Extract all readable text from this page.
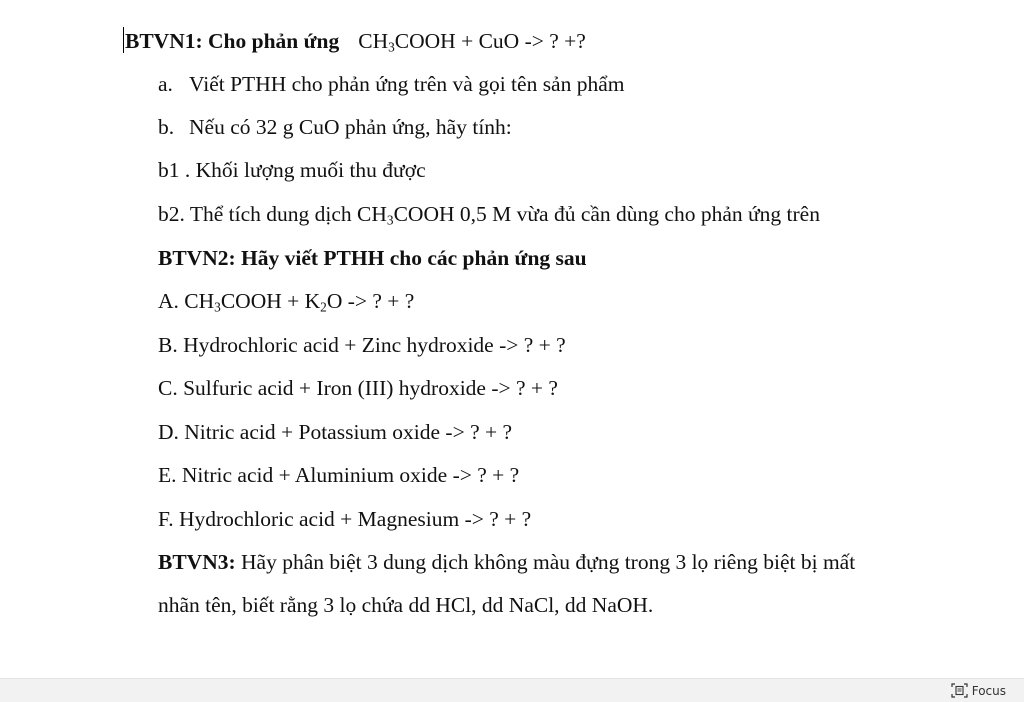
BTVN1: Cho phản ứng $CH_3COOH$ + CuO -> ? +?
a. Viết PTHH cho phản ứng trên và gọi tên sản phẩm
b. Nếu có 32 g CuO phản ứng, hãy tính:
b1 . Khối lượng muối thu được
b2. Thể tích dung dịch $CH_3COOH$ 0,5 M vừa đủ cần dùng cho phản ứng trên
BTVN2: Hãy viết PTHH cho các phản ứng sau
A. $CH_3COOH + K_2O$ -> ? + ?
B. Hydrochloric acid + Zinc hydroxide -> ? + ?
C. Sulfuric acid + Iron (III) hydroxide -> ? + ?
D. Nitric acid + Potassium oxide -> ? + ?
E. Nitric acid + Aluminium oxide -> ? + ?
F. Hydrochloric acid + Magnesium -> ? + ?
BTVN3: Hãy phân biệt 3 dung dịch không màu đựng trong 3 lọ riêng biệt bị mất
nhãn tên, biết rằng 3 lọ chứa dd HCl, dd NaCl, dd NaOH.
Focus
